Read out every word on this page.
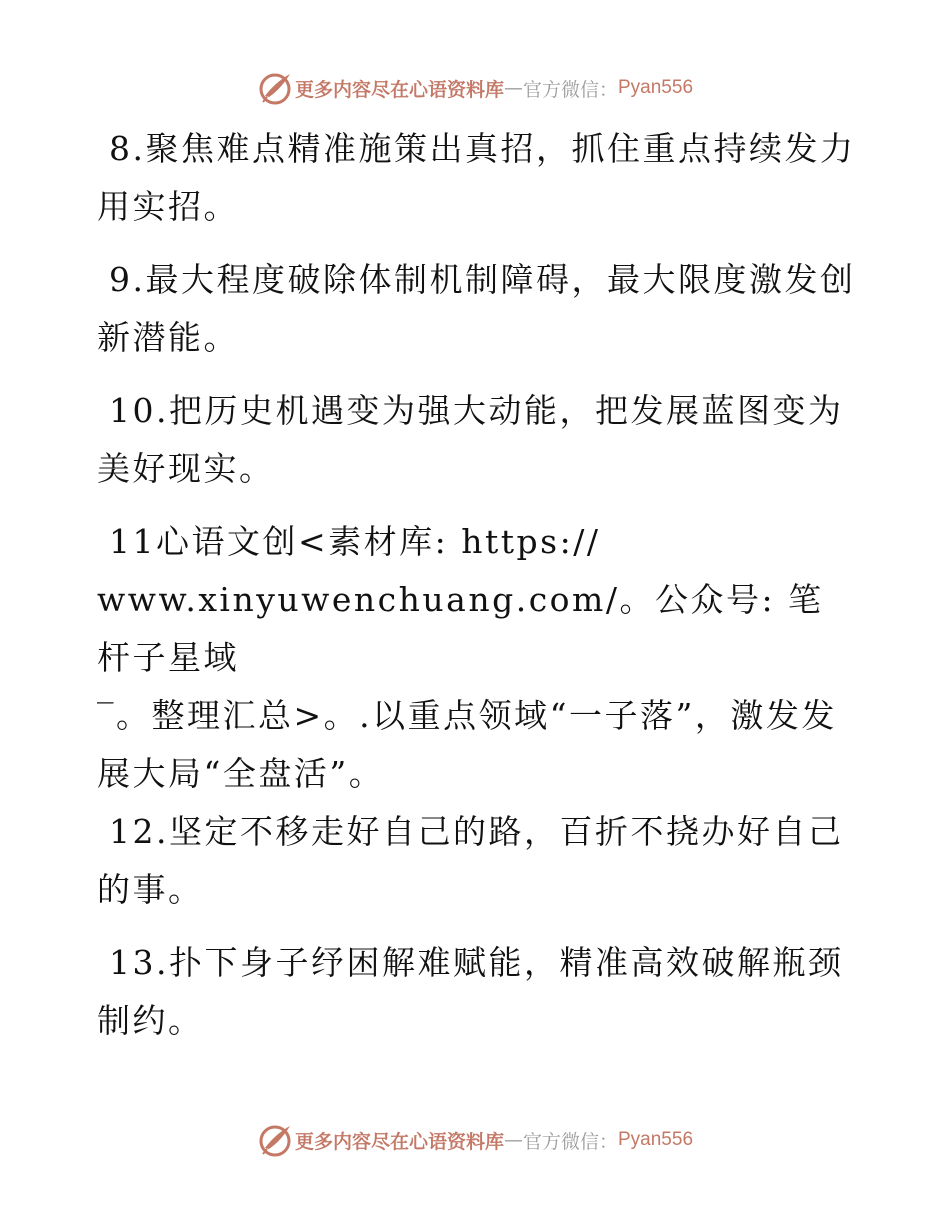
更多内容尽在心语资料库 — 官方微信： Pyan556

8.聚焦难点精准施策出真招，抓住重点持续发力用实招。

9.最大程度破除体制机制障碍，最大限度激发创新潜能。

10.把历史机遇变为强大动能，把发展蓝图变为美好现实。

11心语文创<素材库: https://
www.xinyuwenchuang.com/。公众号: 笔杆子星域
‾。整理汇总>。.以重点领域“一子落”，激发发
展大局“全盘活”。

12.坚定不移走好自己的路，百折不挠办好自己的事。

13.扑下身子纾困解难赋能，精准高效破解瓶颈制约。

更多内容尽在心语资料库 — 官方微信： Pyan556
